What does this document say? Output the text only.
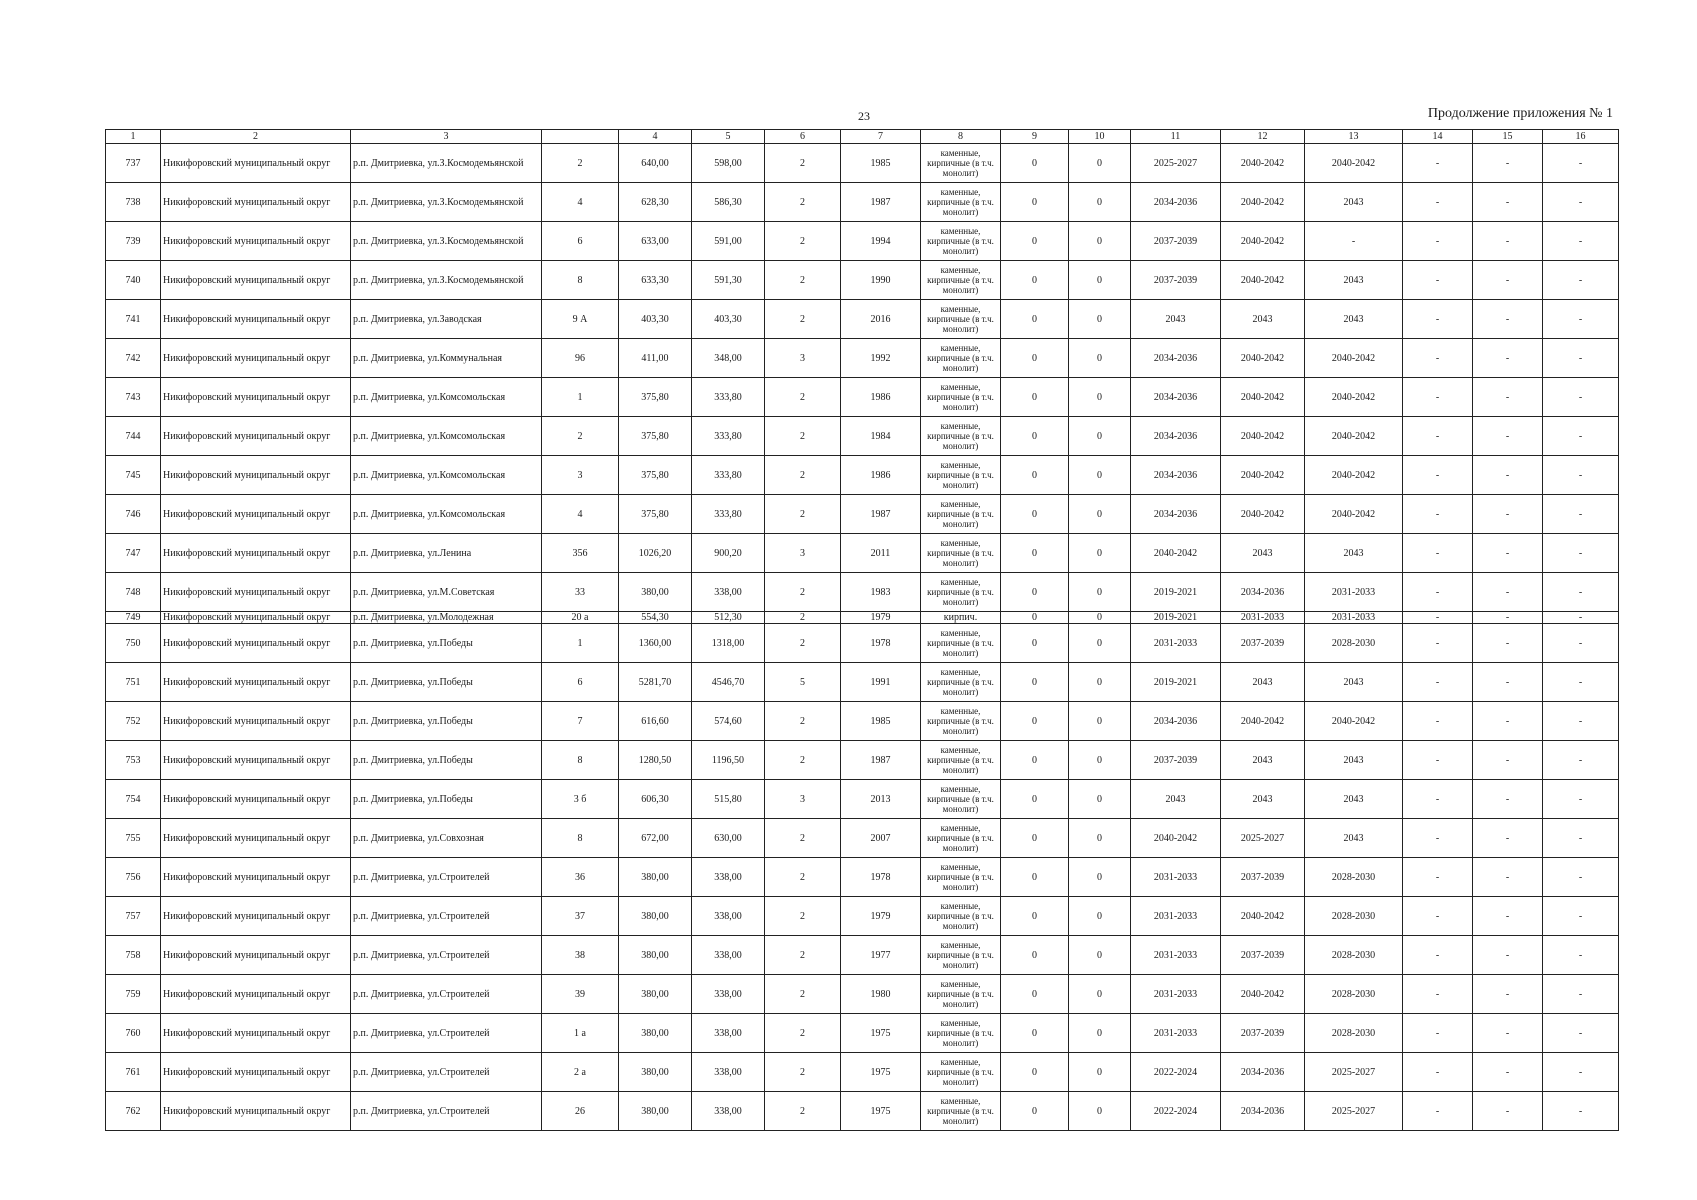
23	Продолжение приложения № 1
1	2	3		4	5	6	7	8	9	10	11	12	13	14	15	16
737	Никифоровский муниципальный округ	р.п. Дмитриевка, ул.З.Космодемьянской	2	640,00	598,00	2	1985	каменные, кирпичные (в т.ч. монолит)	0	0	2025-2027	2040-2042	2040-2042	-	-	-
738	Никифоровский муниципальный округ	р.п. Дмитриевка, ул.З.Космодемьянской	4	628,30	586,30	2	1987	каменные, кирпичные (в т.ч. монолит)	0	0	2034-2036	2040-2042	2043	-	-	-
739	Никифоровский муниципальный округ	р.п. Дмитриевка, ул.З.Космодемьянской	6	633,00	591,00	2	1994	каменные, кирпичные (в т.ч. монолит)	0	0	2037-2039	2040-2042	-	-	-	-
740	Никифоровский муниципальный округ	р.п. Дмитриевка, ул.З.Космодемьянской	8	633,30	591,30	2	1990	каменные, кирпичные (в т.ч. монолит)	0	0	2037-2039	2040-2042	2043	-	-	-
741	Никифоровский муниципальный округ	р.п. Дмитриевка, ул.Заводская	9 А	403,30	403,30	2	2016	каменные, кирпичные (в т.ч. монолит)	0	0	2043	2043	2043	-	-	-
742	Никифоровский муниципальный округ	р.п. Дмитриевка, ул.Коммунальная	96	411,00	348,00	3	1992	каменные, кирпичные (в т.ч. монолит)	0	0	2034-2036	2040-2042	2040-2042	-	-	-
743	Никифоровский муниципальный округ	р.п. Дмитриевка, ул.Комсомольская	1	375,80	333,80	2	1986	каменные, кирпичные (в т.ч. монолит)	0	0	2034-2036	2040-2042	2040-2042	-	-	-
744	Никифоровский муниципальный округ	р.п. Дмитриевка, ул.Комсомольская	2	375,80	333,80	2	1984	каменные, кирпичные (в т.ч. монолит)	0	0	2034-2036	2040-2042	2040-2042	-	-	-
745	Никифоровский муниципальный округ	р.п. Дмитриевка, ул.Комсомольская	3	375,80	333,80	2	1986	каменные, кирпичные (в т.ч. монолит)	0	0	2034-2036	2040-2042	2040-2042	-	-	-
746	Никифоровский муниципальный округ	р.п. Дмитриевка, ул.Комсомольская	4	375,80	333,80	2	1987	каменные, кирпичные (в т.ч. монолит)	0	0	2034-2036	2040-2042	2040-2042	-	-	-
747	Никифоровский муниципальный округ	р.п. Дмитриевка, ул.Ленина	356	1026,20	900,20	3	2011	каменные, кирпичные (в т.ч. монолит)	0	0	2040-2042	2043	2043	-	-	-
748	Никифоровский муниципальный округ	р.п. Дмитриевка, ул.М.Советская	33	380,00	338,00	2	1983	каменные, кирпичные (в т.ч. монолит)	0	0	2019-2021	2034-2036	2031-2033	-	-	-
749	Никифоровский муниципальный округ	р.п. Дмитриевка, ул.Молодежная	20 а	554,30	512,30	2	1979	кирпич.	0	0	2019-2021	2031-2033	2031-2033	-	-	-
750	Никифоровский муниципальный округ	р.п. Дмитриевка, ул.Победы	1	1360,00	1318,00	2	1978	каменные, кирпичные (в т.ч. монолит)	0	0	2031-2033	2037-2039	2028-2030	-	-	-
751	Никифоровский муниципальный округ	р.п. Дмитриевка, ул.Победы	6	5281,70	4546,70	5	1991	каменные, кирпичные (в т.ч. монолит)	0	0	2019-2021	2043	2043	-	-	-
752	Никифоровский муниципальный округ	р.п. Дмитриевка, ул.Победы	7	616,60	574,60	2	1985	каменные, кирпичные (в т.ч. монолит)	0	0	2034-2036	2040-2042	2040-2042	-	-	-
753	Никифоровский муниципальный округ	р.п. Дмитриевка, ул.Победы	8	1280,50	1196,50	2	1987	каменные, кирпичные (в т.ч. монолит)	0	0	2037-2039	2043	2043	-	-	-
754	Никифоровский муниципальный округ	р.п. Дмитриевка, ул.Победы	3 б	606,30	515,80	3	2013	каменные, кирпичные (в т.ч. монолит)	0	0	2043	2043	2043	-	-	-
755	Никифоровский муниципальный округ	р.п. Дмитриевка, ул.Совхозная	8	672,00	630,00	2	2007	каменные, кирпичные (в т.ч. монолит)	0	0	2040-2042	2025-2027	2043	-	-	-
756	Никифоровский муниципальный округ	р.п. Дмитриевка, ул.Строителей	36	380,00	338,00	2	1978	каменные, кирпичные (в т.ч. монолит)	0	0	2031-2033	2037-2039	2028-2030	-	-	-
757	Никифоровский муниципальный округ	р.п. Дмитриевка, ул.Строителей	37	380,00	338,00	2	1979	каменные, кирпичные (в т.ч. монолит)	0	0	2031-2033	2040-2042	2028-2030	-	-	-
758	Никифоровский муниципальный округ	р.п. Дмитриевка, ул.Строителей	38	380,00	338,00	2	1977	каменные, кирпичные (в т.ч. монолит)	0	0	2031-2033	2037-2039	2028-2030	-	-	-
759	Никифоровский муниципальный округ	р.п. Дмитриевка, ул.Строителей	39	380,00	338,00	2	1980	каменные, кирпичные (в т.ч. монолит)	0	0	2031-2033	2040-2042	2028-2030	-	-	-
760	Никифоровский муниципальный округ	р.п. Дмитриевка, ул.Строителей	1 а	380,00	338,00	2	1975	каменные, кирпичные (в т.ч. монолит)	0	0	2031-2033	2037-2039	2028-2030	-	-	-
761	Никифоровский муниципальный округ	р.п. Дмитриевка, ул.Строителей	2 а	380,00	338,00	2	1975	каменные, кирпичные (в т.ч. монолит)	0	0	2022-2024	2034-2036	2025-2027	-	-	-
762	Никифоровский муниципальный округ	р.п. Дмитриевка, ул.Строителей	26	380,00	338,00	2	1975	каменные, кирпичные (в т.ч. монолит)	0	0	2022-2024	2034-2036	2025-2027	-	-	-
